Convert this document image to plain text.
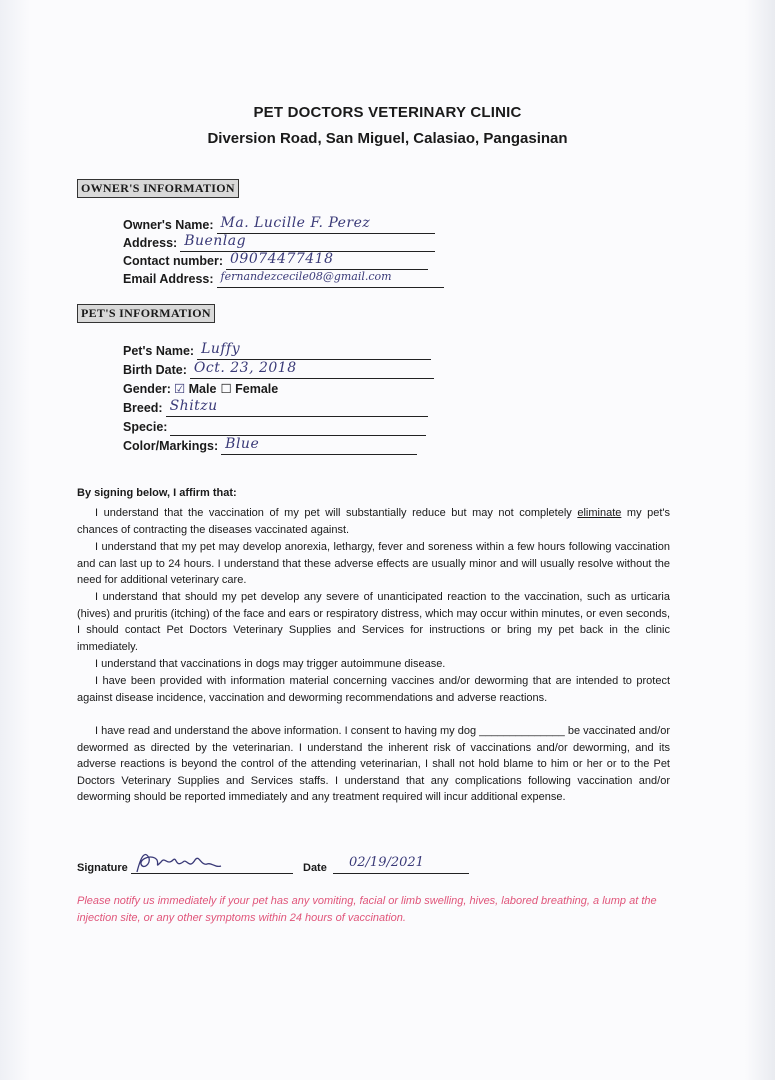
PET DOCTORS VETERINARY CLINIC
Diversion Road, San Miguel, Calasiao, Pangasinan
OWNER'S INFORMATION
Owner's Name: Ma. Lucille F. Perez
Address: Buenlag
Contact number: 09074477418
Email Address: fernandezcecile08@gmail.com
PET'S INFORMATION
Pet's Name: Luffy
Birth Date: Oct. 23, 2018
Gender: ☑ Male ☐ Female
Breed: Shitzu
Specie:
Color/Markings: Blue
By signing below, I affirm that:

I understand that the vaccination of my pet will substantially reduce but may not completely eliminate my pet's chances of contracting the diseases vaccinated against.

I understand that my pet may develop anorexia, lethargy, fever and soreness within a few hours following vaccination and can last up to 24 hours. I understand that these adverse effects are usually minor and will usually resolve without the need for additional veterinary care.

I understand that should my pet develop any severe of unanticipated reaction to the vaccination, such as urticaria (hives) and pruritis (itching) of the face and ears or respiratory distress, which may occur within minutes, or even seconds, I should contact Pet Doctors Veterinary Supplies and Services for instructions or bring my pet back in the clinic immediately.

I understand that vaccinations in dogs may trigger autoimmune disease.

I have been provided with information material concerning vaccines and/or deworming that are intended to protect against disease incidence, vaccination and deworming recommendations and adverse reactions.

I have read and understand the above information. I consent to having my dog ______________ be vaccinated and/or dewormed as directed by the veterinarian. I understand the inherent risk of vaccinations and/or deworming, and its adverse reactions is beyond the control of the attending veterinarian, I shall not hold blame to him or her or to the Pet Doctors Veterinary Supplies and Services staffs. I understand that any complications following vaccination and/or deworming should be reported immediately and any treatment required will incur additional expense.

Signature	Date 02/19/2021
Please notify us immediately if your pet has any vomiting, facial or limb swelling, hives, labored breathing, a lump at the injection site, or any other symptoms within 24 hours of vaccination.
